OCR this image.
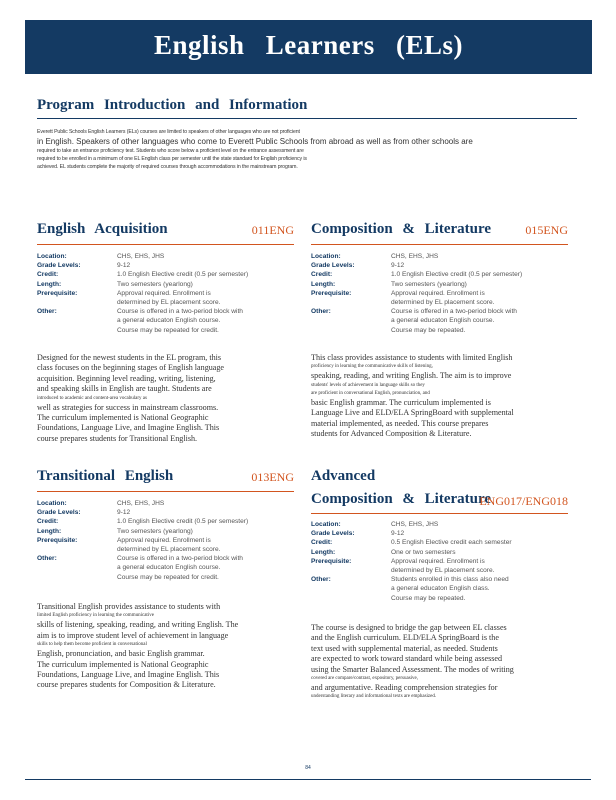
English Learners (ELs)
Program Introduction and Information
Everett Public Schools English Learners (ELs) courses are limited to speakers of other languages who are not proficient
in English. Speakers of other languages who come to Everett Public Schools from abroad as well as from other schools are
required to take an entrance proficiency test. Students who score below a proficient level on the entrance assessment are
required to be enrolled in a minimum of one EL English class per semester until the state standard for English proficiency is
achieved. EL students complete the majority of required courses through accommodations in the mainstream program.
English Acquisition	011ENG
Location:	CHS, EHS, JHS
Grade Levels:	9-12
Credit:	1.0 English Elective credit (0.5 per semester)
Length:	Two semesters (yearlong)
Prerequisite:	Approval required. Enrollment is
determined by EL placement score.
Other:	Course is offered in a two-period block with
a general educaton English course.
Course may be repeated for credit.
Designed for the newest students in the EL program, this
class focuses on the beginning stages of English language
acquisition. Beginning level reading, writing, listening,
and speaking skills in English are taught. Students are
introduced to academic and content-area vocabulary as
well as strategies for success in mainstream classrooms.
The curriculum implemented is National Geographic
Foundations, Language Live, and Imagine English. This
course prepares students for Transitional English.
Composition & Literature	015ENG
Location:	CHS, EHS, JHS
Grade Levels:	9-12
Credit:	1.0 English Elective credit (0.5 per semester)
Length:	Two semesters (yearlong)
Prerequisite:	Approval required. Enrollment is
determined by EL placement score.
Other:	Course is offered in a two-period block with
a general educaton English course.
Course may be repeated.
This class provides assistance to students with limited English
proficiency in learning the communicative skills of listening,
speaking, reading, and writing English. The aim is to improve
students' levels of achievement in language skills so they
are proficient in conversational English, pronunciation, and
basic English grammar. The curriculum implemented is
Language Live and ELD/ELA SpringBoard with supplemental
material implemented, as needed. This course prepares
students for Advanced Composition & Literature.
Transitional English	013ENG
Location:	CHS, EHS, JHS
Grade Levels:	9-12
Credit:	1.0 English Elective credit (0.5 per semester)
Length:	Two semesters (yearlong)
Prerequisite:	Approval required. Enrollment is
determined by EL placement score.
Other:	Course is offered in a two-period block with
a general educaton English course.
Course may be repeated for credit.
Transitional English provides assistance to students with
limited English proficiency in learning the communicative
skills of listening, speaking, reading, and writing English. The
aim is to improve student level of achievement in language
skills to help them become proficient in conversational
English, pronunciation, and basic English grammar.
The curriculum implemented is National Geographic
Foundations, Language Live, and Imagine English. This
course prepares students for Composition & Literature.
Advanced
Composition & Literature
ENG017/ENG018
Location:	CHS, EHS, JHS
Grade Levels:	9-12
Credit:	0.5 English Elective credit each semester
Length:	One or two semesters
Prerequisite:	Approval required. Enrollment is
determined by EL placement score.
Other:	Students enrolled in this class also need
a general educaton English class.
Course may be repeated.
The course is designed to bridge the gap between EL classes
and the English curriculum. ELD/ELA SpringBoard is the
text used with supplemental material, as needed. Students
are expected to work toward standard while being assessed
using the Smarter Balanced Assessment. The modes of writing
covered are compare/contrast, expository, persuasive,
and argumentative. Reading comprehension strategies for
understanding literary and informational texts are emphasized.
84
